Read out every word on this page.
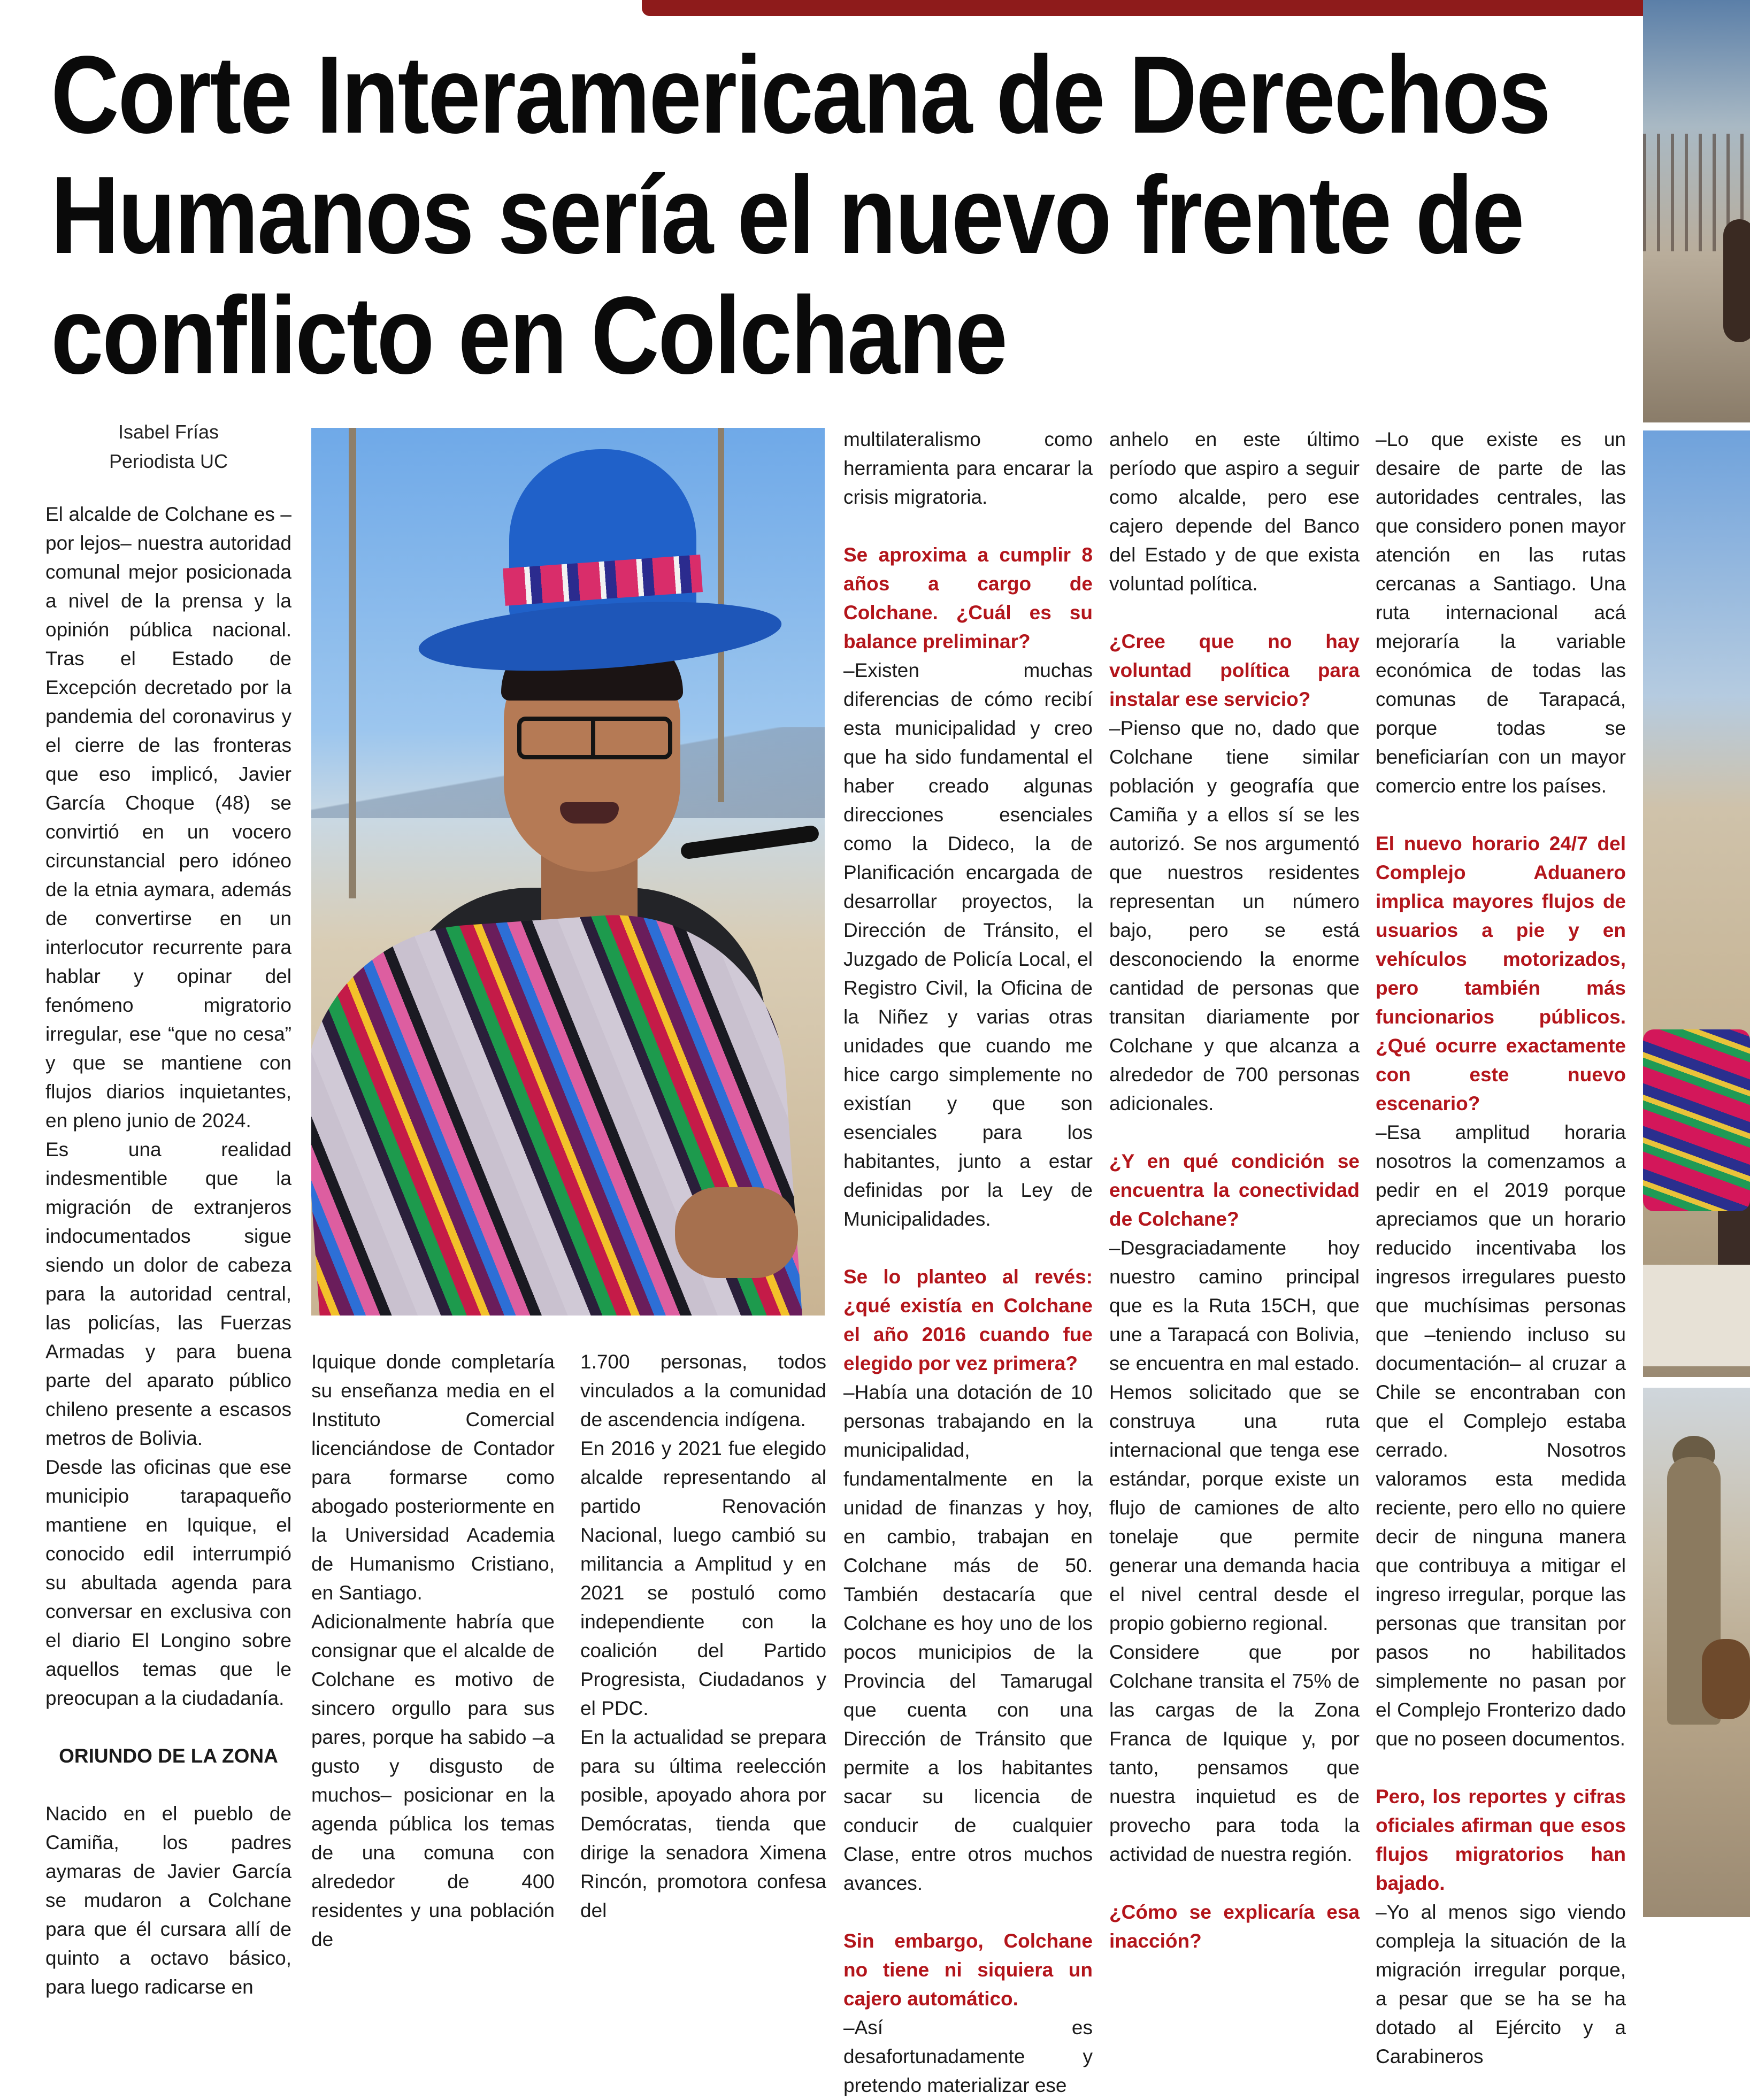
Corte Interamericana de Derechos
Humanos sería el nuevo frente de
conflicto en Colchane
Isabel Frías
Periodista UC

El alcalde de Colchane es –por lejos– nuestra autoridad comunal mejor posicionada a nivel de la prensa y la opinión pública nacional. Tras el Estado de Excepción decretado por la pandemia del coronavirus y el cierre de las fronteras que eso implicó, Javier García Choque (48) se convirtió en un vocero circunstancial pero idóneo de la etnia aymara, además de convertirse en un interlocutor recurrente para hablar y opinar del fenómeno migratorio irregular, ese “que no cesa” y que se mantiene con flujos diarios inquietantes, en pleno junio de 2024.

Es una realidad indesmentible que la migración de extranjeros indocumentados sigue siendo un dolor de cabeza para la autoridad central, las policías, las Fuerzas Armadas y para buena parte del aparato público chileno presente a escasos metros de Bolivia.

Desde las oficinas que ese municipio tarapaqueño mantiene en Iquique, el conocido edil interrumpió su abultada agenda para conversar en exclusiva con el diario El Longino sobre aquellos temas que le preocupan a la ciudadanía.

ORIUNDO DE LA ZONA

Nacido en el pueblo de Camiña, los padres aymaras de Javier García se mudaron a Colchane para que él cursara allí de quinto a octavo básico, para luego radicarse en

Iquique donde completaría su enseñanza media en el Instituto Comercial licenciándose de Contador para formarse como abogado posteriormente en la Universidad Academia de Humanismo Cristiano, en Santiago.

Adicionalmente habría que consignar que el alcalde de Colchane es motivo de sincero orgullo para sus pares, porque ha sabido –a gusto y disgusto de muchos– posicionar en la agenda pública los temas de una comuna con alrededor de 400 residentes y una población de

1.700 personas, todos vinculados a la comunidad de ascendencia indígena.

En 2016 y 2021 fue elegido alcalde representando al partido Renovación Nacional, luego cambió su militancia a Amplitud y en 2021 se postuló como independiente con la coalición del Partido Progresista, Ciudadanos y el PDC.

En la actualidad se prepara para su última reelección posible, apoyado ahora por Demócratas, tienda que dirige la senadora Ximena Rincón, promotora confesa del

multilateralismo como herramienta para encarar la crisis migratoria.

Se aproxima a cumplir 8 años a cargo de Colchane. ¿Cuál es su balance preliminar?

–Existen muchas diferencias de cómo recibí esta municipalidad y creo que ha sido fundamental el haber creado algunas direcciones esenciales como la Dideco, la de Planificación encargada de desarrollar proyectos, la Dirección de Tránsito, el Juzgado de Policía Local, el Registro Civil, la Oficina de la Niñez y varias otras unidades que cuando me hice cargo simplemente no existían y que son esenciales para los habitantes, junto a estar definidas por la Ley de Municipalidades.

Se lo planteo al revés: ¿qué existía en Colchane el año 2016 cuando fue elegido por vez primera?

–Había una dotación de 10 personas trabajando en la municipalidad, fundamentalmente en la unidad de finanzas y hoy, en cambio, trabajan en Colchane más de 50. También destacaría que Colchane es hoy uno de los pocos municipios de la Provincia del Tamarugal que cuenta con una Dirección de Tránsito que permite a los habitantes sacar su licencia de conducir de cualquier Clase, entre otros muchos avances.

Sin embargo, Colchane no tiene ni siquiera un cajero automático.

–Así es desafortunadamente y pretendo materializar ese

anhelo en este último período que aspiro a seguir como alcalde, pero ese cajero depende del Banco del Estado y de que exista voluntad política.

¿Cree que no hay voluntad política para instalar ese servicio?

–Pienso que no, dado que Colchane tiene similar población y geografía que Camiña y a ellos sí se les autorizó. Se nos argumentó que nuestros residentes representan un número bajo, pero se está desconociendo la enorme cantidad de personas que transitan diariamente por Colchane y que alcanza a alrededor de 700 personas adicionales.

¿Y en qué condición se encuentra la conectividad de Colchane?

–Desgraciadamente hoy nuestro camino principal que es la Ruta 15CH, que une a Tarapacá con Bolivia, se encuentra en mal estado. Hemos solicitado que se construya una ruta internacional que tenga ese estándar, porque existe un flujo de camiones de alto tonelaje que permite generar una demanda hacia el nivel central desde el propio gobierno regional.

Considere que por Colchane transita el 75% de las cargas de la Zona Franca de Iquique y, por tanto, pensamos que nuestra inquietud es de provecho para toda la actividad de nuestra región.

¿Cómo se explicaría esa inacción?

–Lo que existe es un desaire de parte de las autoridades centrales, las que considero ponen mayor atención en las rutas cercanas a Santiago. Una ruta internacional acá mejoraría la variable económica de todas las comunas de Tarapacá, porque todas se beneficiarían con un mayor comercio entre los países.

El nuevo horario 24/7 del Complejo Aduanero implica mayores flujos de usuarios a pie y en vehículos motorizados, pero también más funcionarios públicos. ¿Qué ocurre exactamente con este nuevo escenario?

–Esa amplitud horaria nosotros la comenzamos a pedir en el 2019 porque apreciamos que un horario reducido incentivaba los ingresos irregulares puesto que muchísimas personas que –teniendo incluso su documentación– al cruzar a Chile se encontraban con que el Complejo estaba cerrado. Nosotros valoramos esta medida reciente, pero ello no quiere decir de ninguna manera que contribuya a mitigar el ingreso irregular, porque las personas que transitan por pasos no habilitados simplemente no pasan por el Complejo Fronterizo dado que no poseen documentos.

Pero, los reportes y cifras oficiales afirman que esos flujos migratorios han bajado.

–Yo al menos sigo viendo compleja la situación de la migración irregular porque, a pesar que se ha se ha dotado al Ejército y a Carabineros
